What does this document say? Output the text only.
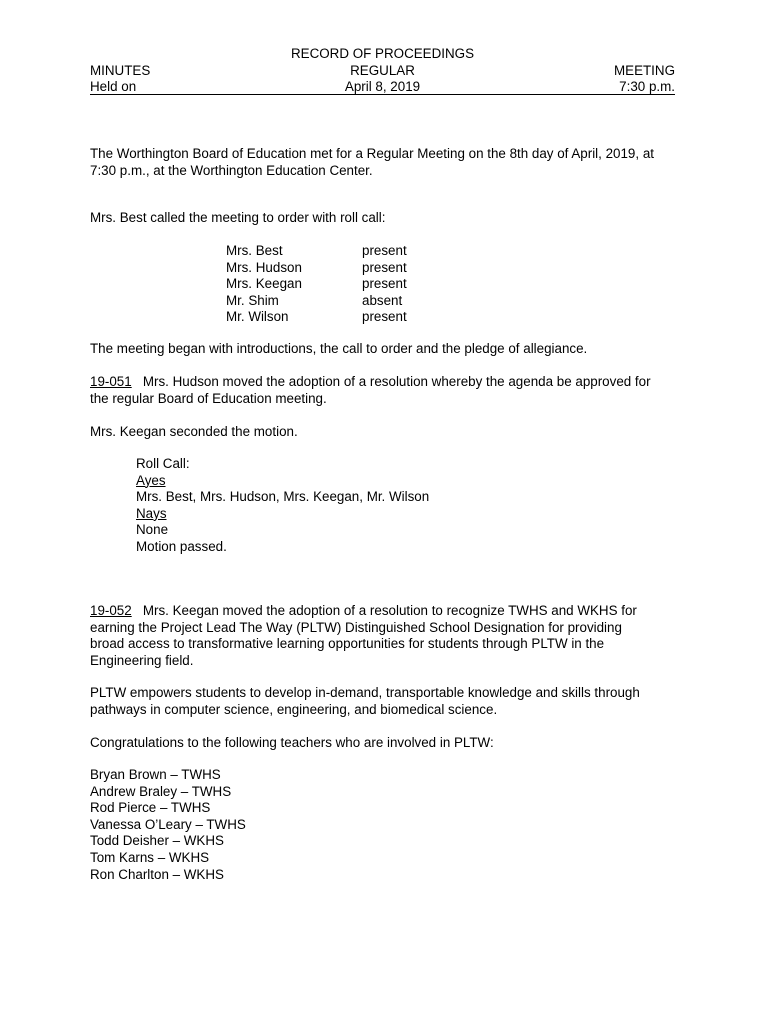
RECORD OF PROCEEDINGS
REGULAR
April 8, 2019
MINUTES
Held on
MEETING
7:30 p.m.
The Worthington Board of Education met for a Regular Meeting on the 8th day of April, 2019, at
7:30 p.m., at the Worthington Education Center.
Mrs. Best called the meeting to order with roll call:
Mrs. Best	present
Mrs. Hudson	present
Mrs. Keegan	present
Mr. Shim	absent
Mr. Wilson	present
The meeting began with introductions, the call to order and the pledge of allegiance.
19-051 Mrs. Hudson moved the adoption of a resolution whereby the agenda be approved for
the regular Board of Education meeting.
Mrs. Keegan seconded the motion.
Roll Call:
Ayes
Mrs. Best, Mrs. Hudson, Mrs. Keegan, Mr. Wilson
Nays
None
Motion passed.
19-052 Mrs. Keegan moved the adoption of a resolution to recognize TWHS and WKHS for
earning the Project Lead The Way (PLTW) Distinguished School Designation for providing
broad access to transformative learning opportunities for students through PLTW in the
Engineering field.
PLTW empowers students to develop in-demand, transportable knowledge and skills through
pathways in computer science, engineering, and biomedical science.
Congratulations to the following teachers who are involved in PLTW:
Bryan Brown – TWHS
Andrew Braley – TWHS
Rod Pierce – TWHS
Vanessa O’Leary – TWHS
Todd Deisher – WKHS
Tom Karns – WKHS
Ron Charlton – WKHS
